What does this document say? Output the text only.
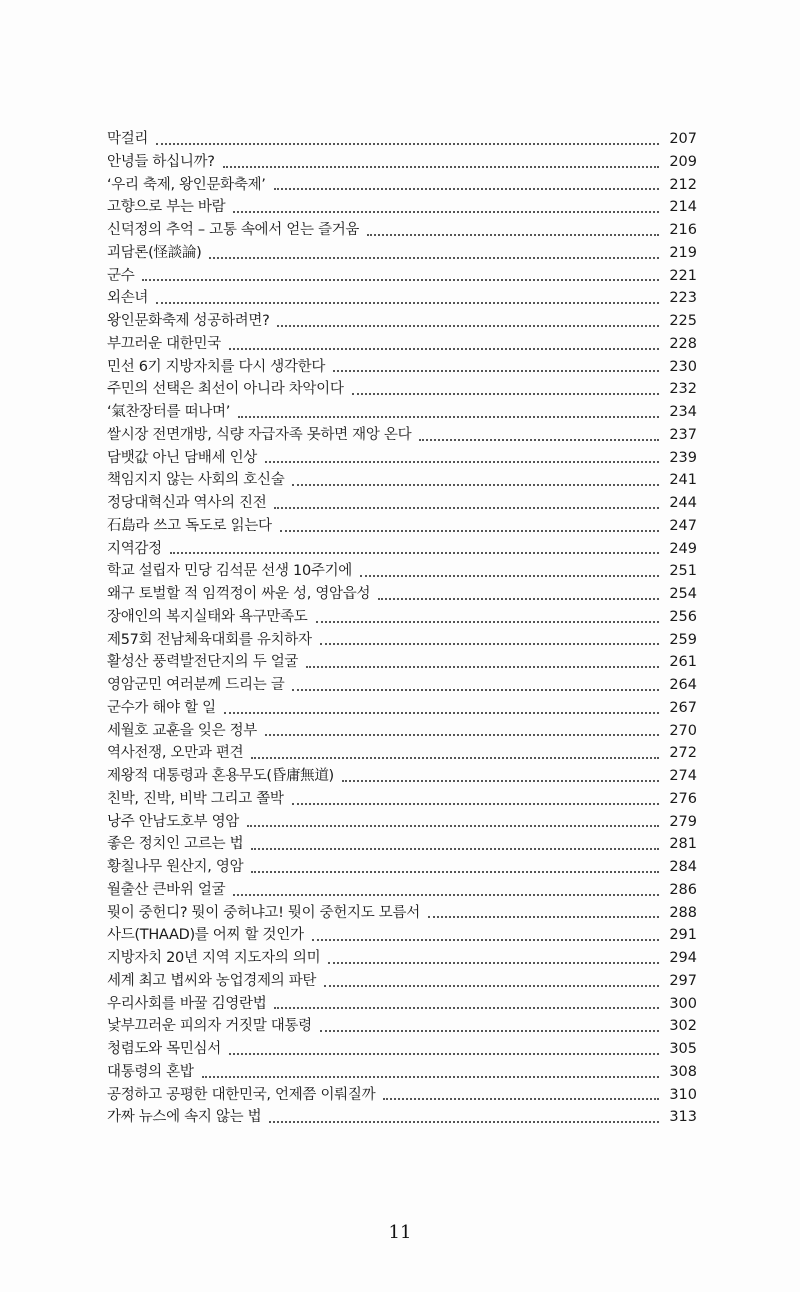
막걸리	207
안녕들 하십니까?	209
‘우리 축제, 왕인문화축제’	212
고향으로 부는 바람	214
신덕정의 추억 – 고통 속에서 얻는 즐거움	216
괴담론(怪談論)	219
군수	221
외손녀	223
왕인문화축제 성공하려면?	225
부끄러운 대한민국	228
민선 6기 지방자치를 다시 생각한다	230
주민의 선택은 최선이 아니라 차악이다	232
‘氣찬장터를 떠나며’	234
쌀시장 전면개방, 식량 자급자족 못하면 재앙 온다	237
담뱃값 아닌 담배세 인상	239
책임지지 않는 사회의 호신술	241
정당대혁신과 역사의 진전	244
石島라 쓰고 독도로 읽는다	247
지역감정	249
학교 설립자 민당 김석문 선생 10주기에	251
왜구 토벌할 적 임꺽정이 싸운 성, 영암읍성	254
장애인의 복지실태와 욕구만족도	256
제57회 전남체육대회를 유치하자	259
활성산 풍력발전단지의 두 얼굴	261
영암군민 여러분께 드리는 글	264
군수가 해야 할 일	267
세월호 교훈을 잊은 정부	270
역사전쟁, 오만과 편견	272
제왕적 대통령과 혼용무도(昏庸無道)	274
친박, 진박, 비박 그리고 쫄박	276
낭주 안남도호부 영암	279
좋은 정치인 고르는 법	281
황칠나무 원산지, 영암	284
월출산 큰바위 얼굴	286
뭣이 중헌디? 뭣이 중허냐고! 뭣이 중헌지도 모름서	288
사드(THAAD)를 어찌 할 것인가	291
지방자치 20년 지역 지도자의 의미	294
세계 최고 볍씨와 농업경제의 파탄	297
우리사회를 바꿀 김영란법	300
낯부끄러운 피의자 거짓말 대통령	302
청렴도와 목민심서	305
대통령의 혼밥	308
공정하고 공평한 대한민국, 언제쯤 이뤄질까	310
가짜 뉴스에 속지 않는 법	313
11
